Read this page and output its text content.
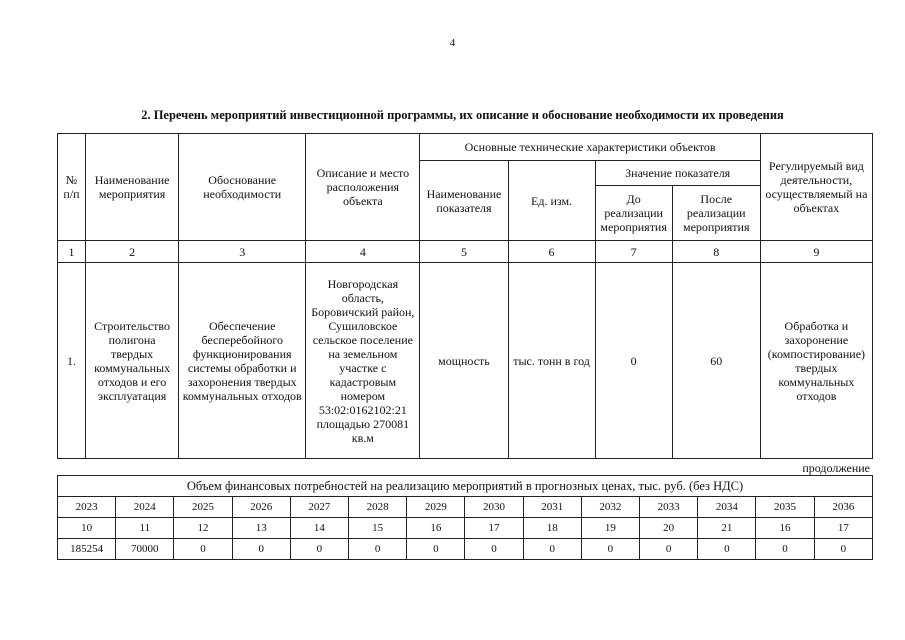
4
2. Перечень мероприятий инвестиционной программы, их описание и обоснование необходимости их проведения
№ п/п	Наименование мероприятия	Обоснование необходимости	Описание и место расположения объекта	Основные технические характеристики объектов				Регулируемый вид деятельности, осуществляемый на объектах
				Наименование показателя	Ед. изм.	Значение показателя		
						До реализации мероприятия	После реализации мероприятия	
1	2	3	4	5	6	7	8	9
1.	Строительство полигона твердых коммунальных отходов и его эксплуатация	Обеспечение бесперебойного функционирования системы обработки и захоронения твердых коммунальных отходов	Новгородская область, Боровичский район, Сушиловское сельское поселение на земельном участке с кадастровым номером 53:02:0162102:21 площадью 270081 кв.м	мощность	тыс. тонн в год	0	60	Обработка и захоронение (компостирование) твердых коммунальных отходов
продолжение
Объем финансовых потребностей на реализацию мероприятий в прогнозных ценах, тыс. руб. (без НДС)													
2023	2024	2025	2026	2027	2028	2029	2030	2031	2032	2033	2034	2035	2036
10	11	12	13	14	15	16	17	18	19	20	21	16	17
185254	70000	0	0	0	0	0	0	0	0	0	0	0	0
